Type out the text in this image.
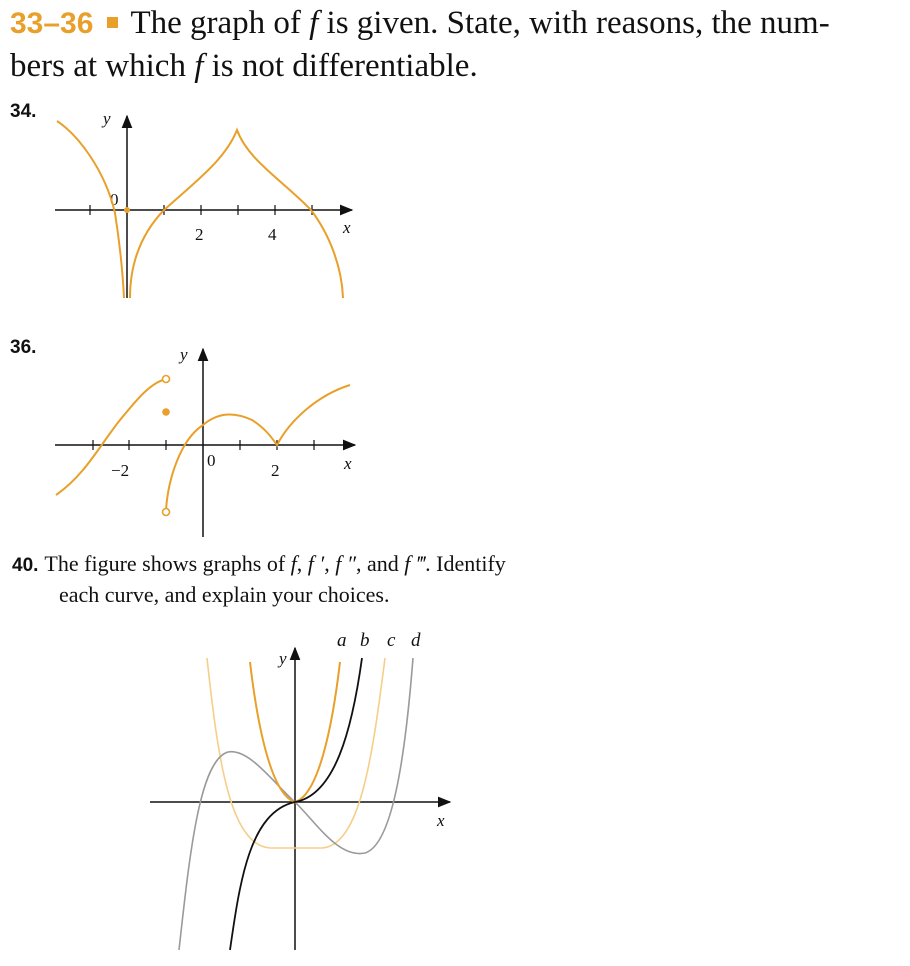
33–36 The graph of f is given. State, with reasons, the num-
bers at which f is not differentiable.
34.
36.
40. The figure shows graphs of f, f ′, f ″, and f ‴. Identify
each curve, and explain your choices.
y
x
0
2	4
y
x
0
−2	2
y
x
a b c d
